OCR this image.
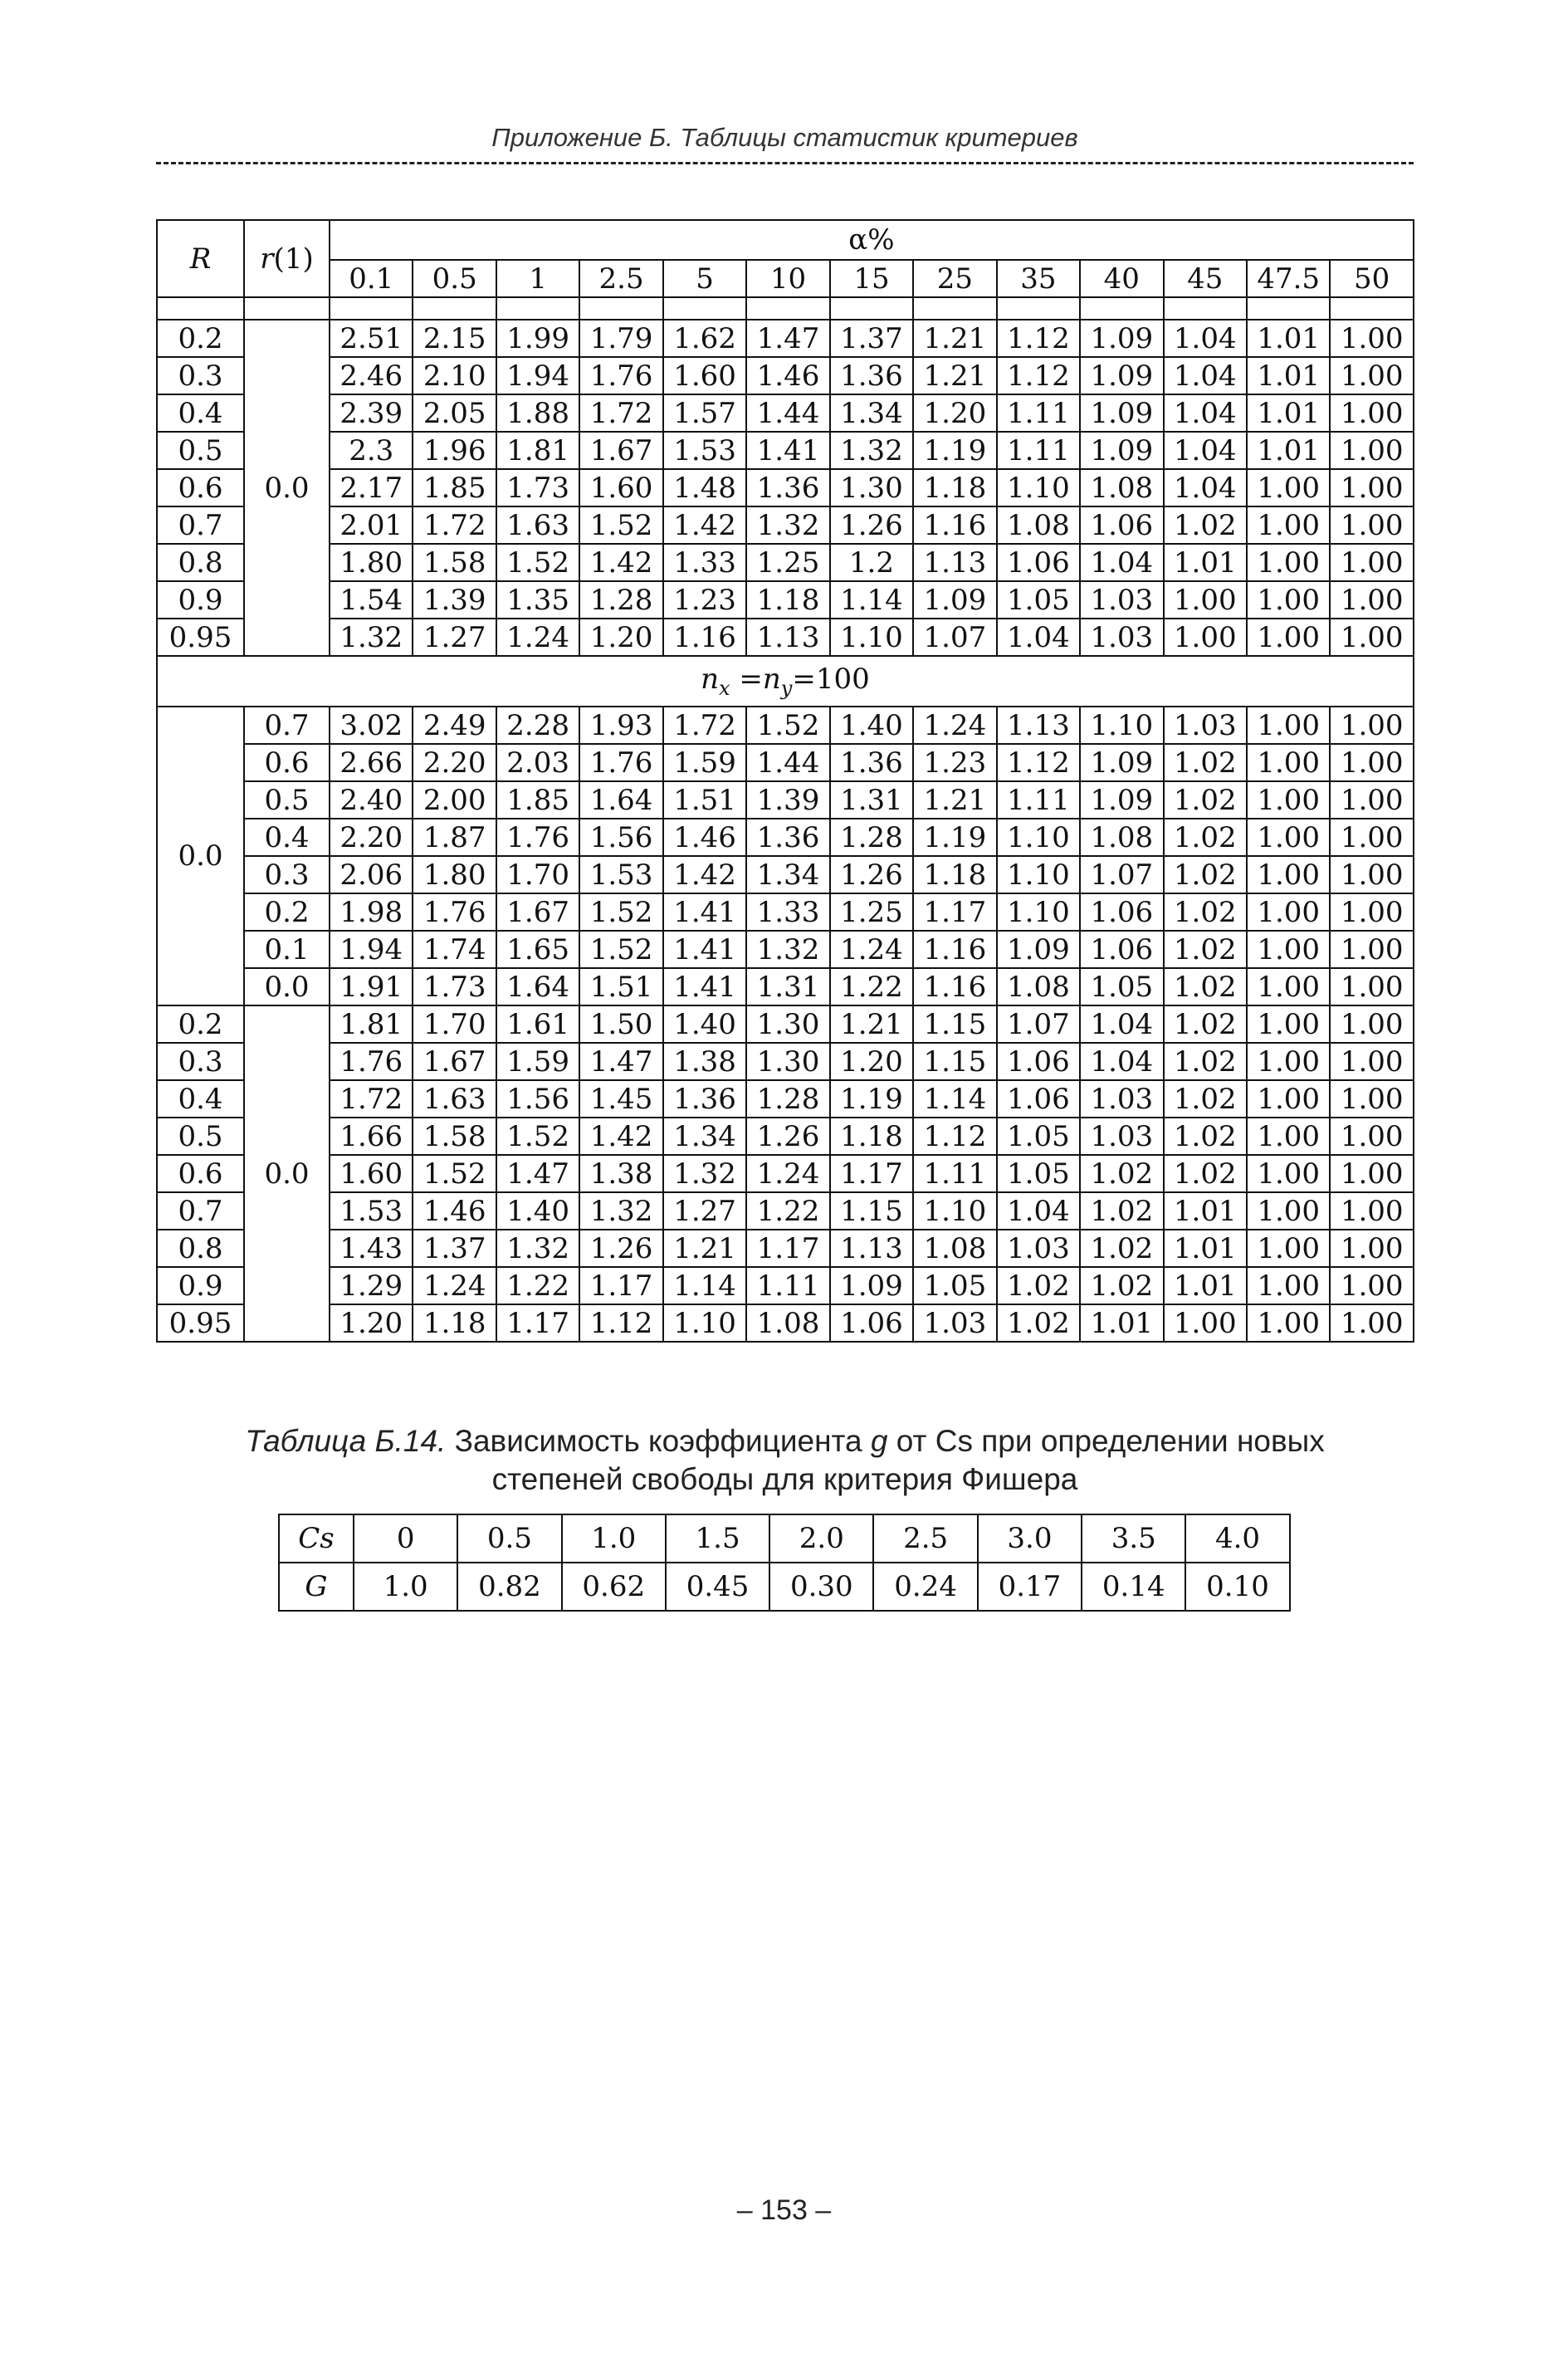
Приложение Б. Таблицы статистик критериев
R	r(1)	α%												
		0.1	0.5	1	2.5	5	10	15	25	35	40	45	47.5	50

0.2	0.0	2.51	2.15	1.99	1.79	1.62	1.47	1.37	1.21	1.12	1.09	1.04	1.01	1.00
0.3		2.46	2.10	1.94	1.76	1.60	1.46	1.36	1.21	1.12	1.09	1.04	1.01	1.00
0.4		2.39	2.05	1.88	1.72	1.57	1.44	1.34	1.20	1.11	1.09	1.04	1.01	1.00
0.5		2.3	1.96	1.81	1.67	1.53	1.41	1.32	1.19	1.11	1.09	1.04	1.01	1.00
0.6		2.17	1.85	1.73	1.60	1.48	1.36	1.30	1.18	1.10	1.08	1.04	1.00	1.00
0.7		2.01	1.72	1.63	1.52	1.42	1.32	1.26	1.16	1.08	1.06	1.02	1.00	1.00
0.8		1.80	1.58	1.52	1.42	1.33	1.25	1.2	1.13	1.06	1.04	1.01	1.00	1.00
0.9		1.54	1.39	1.35	1.28	1.23	1.18	1.14	1.09	1.05	1.03	1.00	1.00	1.00
0.95		1.32	1.27	1.24	1.20	1.16	1.13	1.10	1.07	1.04	1.03	1.00	1.00	1.00
$n_x =n_y=100$														
0.0	0.7	3.02	2.49	2.28	1.93	1.72	1.52	1.40	1.24	1.13	1.10	1.03	1.00	1.00
	0.6	2.66	2.20	2.03	1.76	1.59	1.44	1.36	1.23	1.12	1.09	1.02	1.00	1.00
	0.5	2.40	2.00	1.85	1.64	1.51	1.39	1.31	1.21	1.11	1.09	1.02	1.00	1.00
	0.4	2.20	1.87	1.76	1.56	1.46	1.36	1.28	1.19	1.10	1.08	1.02	1.00	1.00
	0.3	2.06	1.80	1.70	1.53	1.42	1.34	1.26	1.18	1.10	1.07	1.02	1.00	1.00
	0.2	1.98	1.76	1.67	1.52	1.41	1.33	1.25	1.17	1.10	1.06	1.02	1.00	1.00
	0.1	1.94	1.74	1.65	1.52	1.41	1.32	1.24	1.16	1.09	1.06	1.02	1.00	1.00
	0.0	1.91	1.73	1.64	1.51	1.41	1.31	1.22	1.16	1.08	1.05	1.02	1.00	1.00
0.2	0.0	1.81	1.70	1.61	1.50	1.40	1.30	1.21	1.15	1.07	1.04	1.02	1.00	1.00
0.3		1.76	1.67	1.59	1.47	1.38	1.30	1.20	1.15	1.06	1.04	1.02	1.00	1.00
0.4		1.72	1.63	1.56	1.45	1.36	1.28	1.19	1.14	1.06	1.03	1.02	1.00	1.00
0.5		1.66	1.58	1.52	1.42	1.34	1.26	1.18	1.12	1.05	1.03	1.02	1.00	1.00
0.6		1.60	1.52	1.47	1.38	1.32	1.24	1.17	1.11	1.05	1.02	1.02	1.00	1.00
0.7		1.53	1.46	1.40	1.32	1.27	1.22	1.15	1.10	1.04	1.02	1.01	1.00	1.00
0.8		1.43	1.37	1.32	1.26	1.21	1.17	1.13	1.08	1.03	1.02	1.01	1.00	1.00
0.9		1.29	1.24	1.22	1.17	1.14	1.11	1.09	1.05	1.02	1.02	1.01	1.00	1.00
0.95		1.20	1.18	1.17	1.12	1.10	1.08	1.06	1.03	1.02	1.01	1.00	1.00	1.00
Таблица Б.14. Зависимость коэффициента g от Cs при определении новых
степеней свободы для критерия Фишера
Cs	0	0.5	1.0	1.5	2.0	2.5	3.0	3.5	4.0
G	1.0	0.82	0.62	0.45	0.30	0.24	0.17	0.14	0.10
– 153 –
